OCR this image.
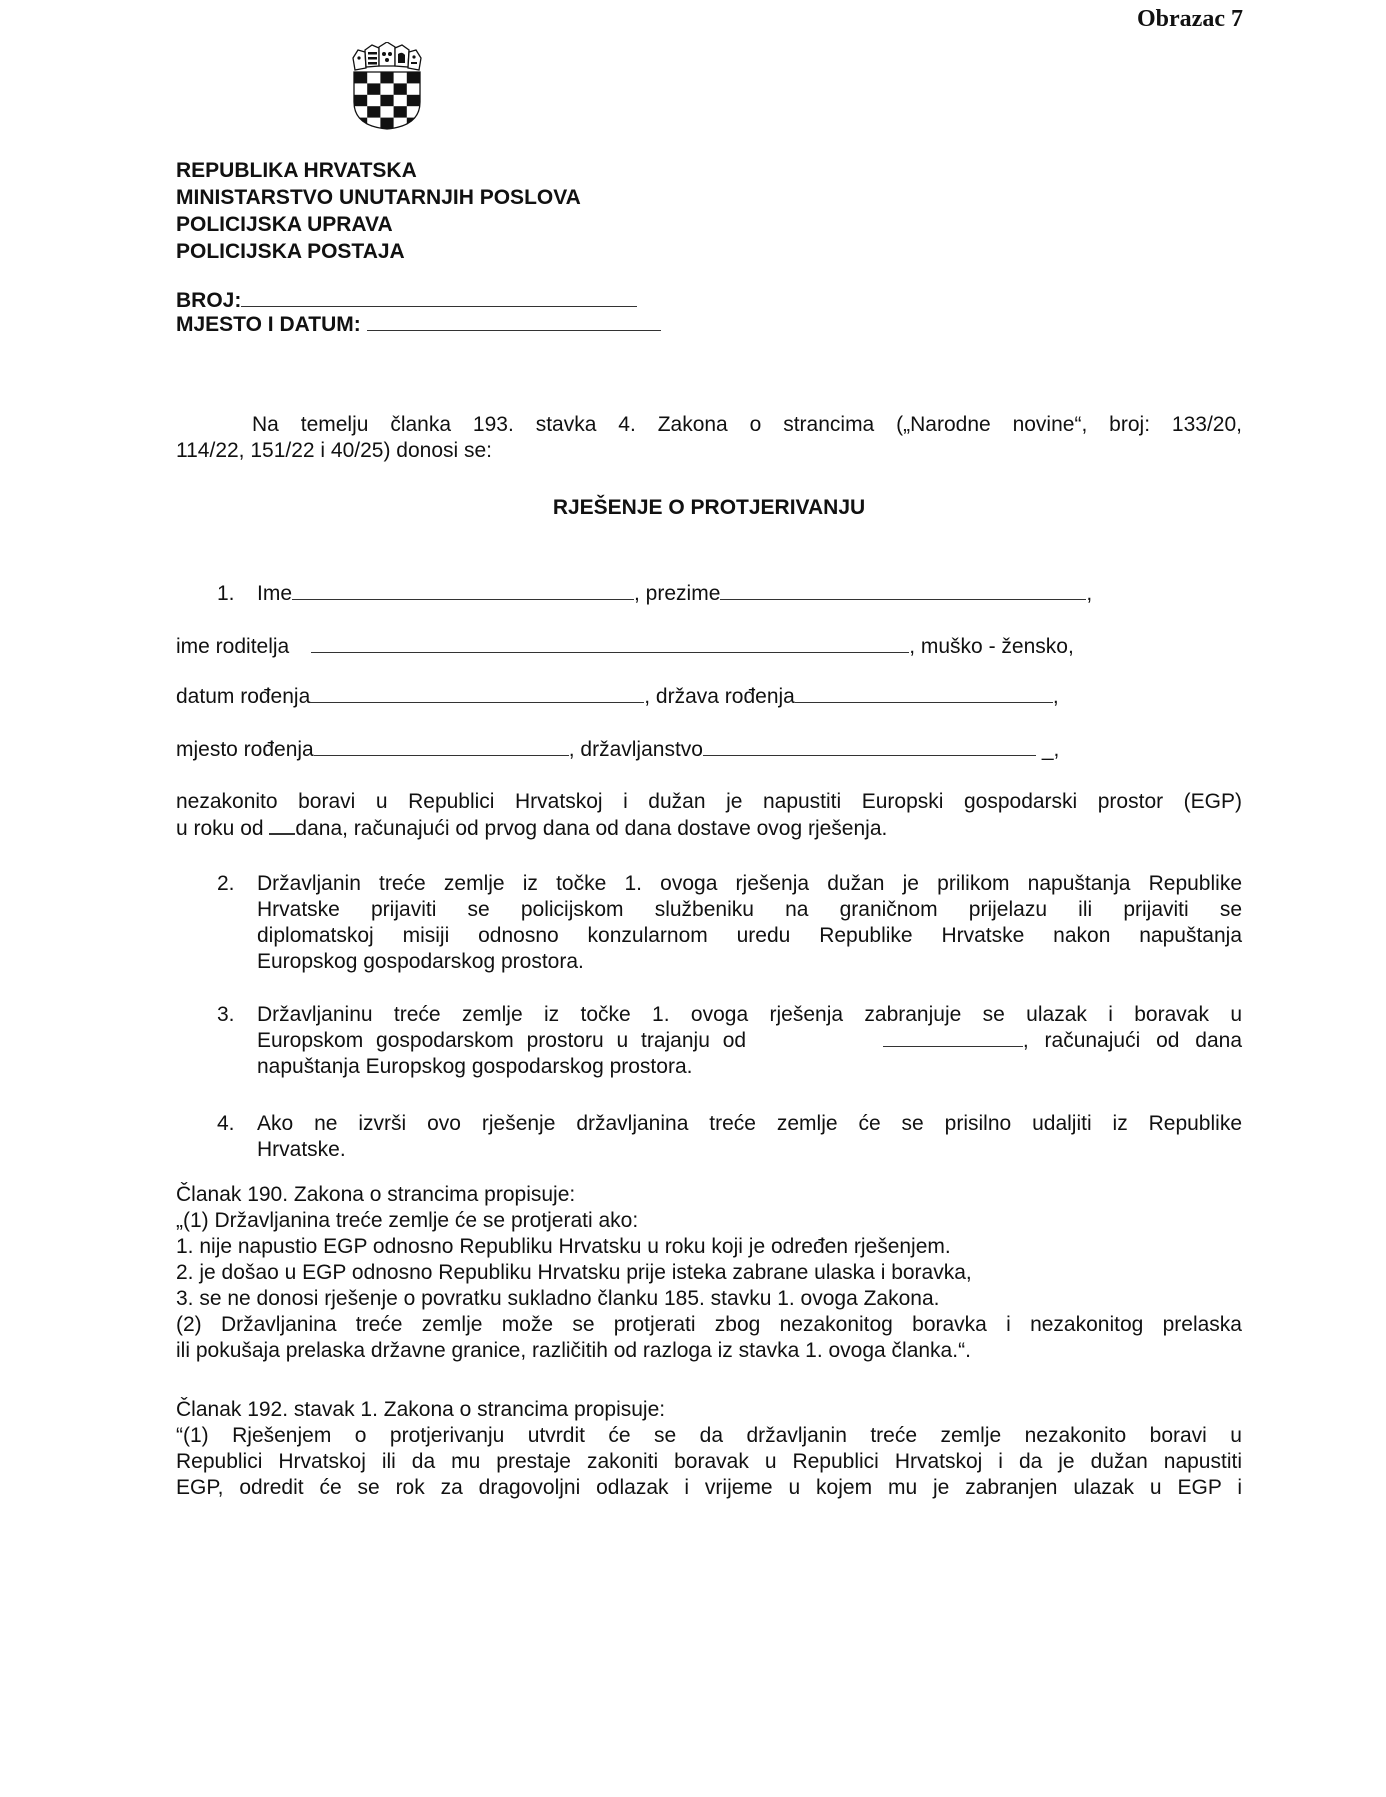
Obrazac 7
REPUBLIKA HRVATSKA
MINISTARSTVO UNUTARNJIH POSLOVA
POLICIJSKA UPRAVA
POLICIJSKA POSTAJA
BROJ:
MJESTO I DATUM:
Na temelju članka 193. stavka 4. Zakona o strancima („Narodne novine“, broj: 133/20,
114/22, 151/22 i 40/25) donosi se:
RJEŠENJE O PROTJERIVANJU
1. Ime	, prezime	,
ime roditelja	, muško - žensko,
datum rođenja	, država rođenja	,
mjesto rođenja	, državljanstvo	_,
nezakonito boravi u Republici Hrvatskoj i dužan je napustiti Europski gospodarski prostor (EGP)
u roku od dana, računajući od prvog dana od dana dostave ovog rješenja.
2. Državljanin treće zemlje iz točke 1. ovoga rješenja dužan je prilikom napuštanja Republike
Hrvatske prijaviti se policijskom službeniku na graničnom prijelazu ili prijaviti se
diplomatskoj misiji odnosno konzularnom uredu Republike Hrvatske nakon napuštanja
Europskog gospodarskog prostora.
3. Državljaninu treće zemlje iz točke 1. ovoga rješenja zabranjuje se ulazak i boravak u
Europskom gospodarskom prostoru u trajanju od	, računajući od dana
napuštanja Europskog gospodarskog prostora.
4. Ako ne izvrši ovo rješenje državljanina treće zemlje će se prisilno udaljiti iz Republike
Hrvatske.
Članak 190. Zakona o strancima propisuje:
„(1) Državljanina treće zemlje će se protjerati ako:
1. nije napustio EGP odnosno Republiku Hrvatsku u roku koji je određen rješenjem.
2. je došao u EGP odnosno Republiku Hrvatsku prije isteka zabrane ulaska i boravka,
3. se ne donosi rješenje o povratku sukladno članku 185. stavku 1. ovoga Zakona.
(2) Državljanina treće zemlje može se protjerati zbog nezakonitog boravka i nezakonitog prelaska
ili pokušaja prelaska državne granice, različitih od razloga iz stavka 1. ovoga članka.“.
Članak 192. stavak 1. Zakona o strancima propisuje:
“(1) Rješenjem o protjerivanju utvrdit će se da državljanin treće zemlje nezakonito boravi u
Republici Hrvatskoj ili da mu prestaje zakoniti boravak u Republici Hrvatskoj i da je dužan napustiti
EGP, odredit će se rok za dragovoljni odlazak i vrijeme u kojem mu je zabranjen ulazak u EGP i
